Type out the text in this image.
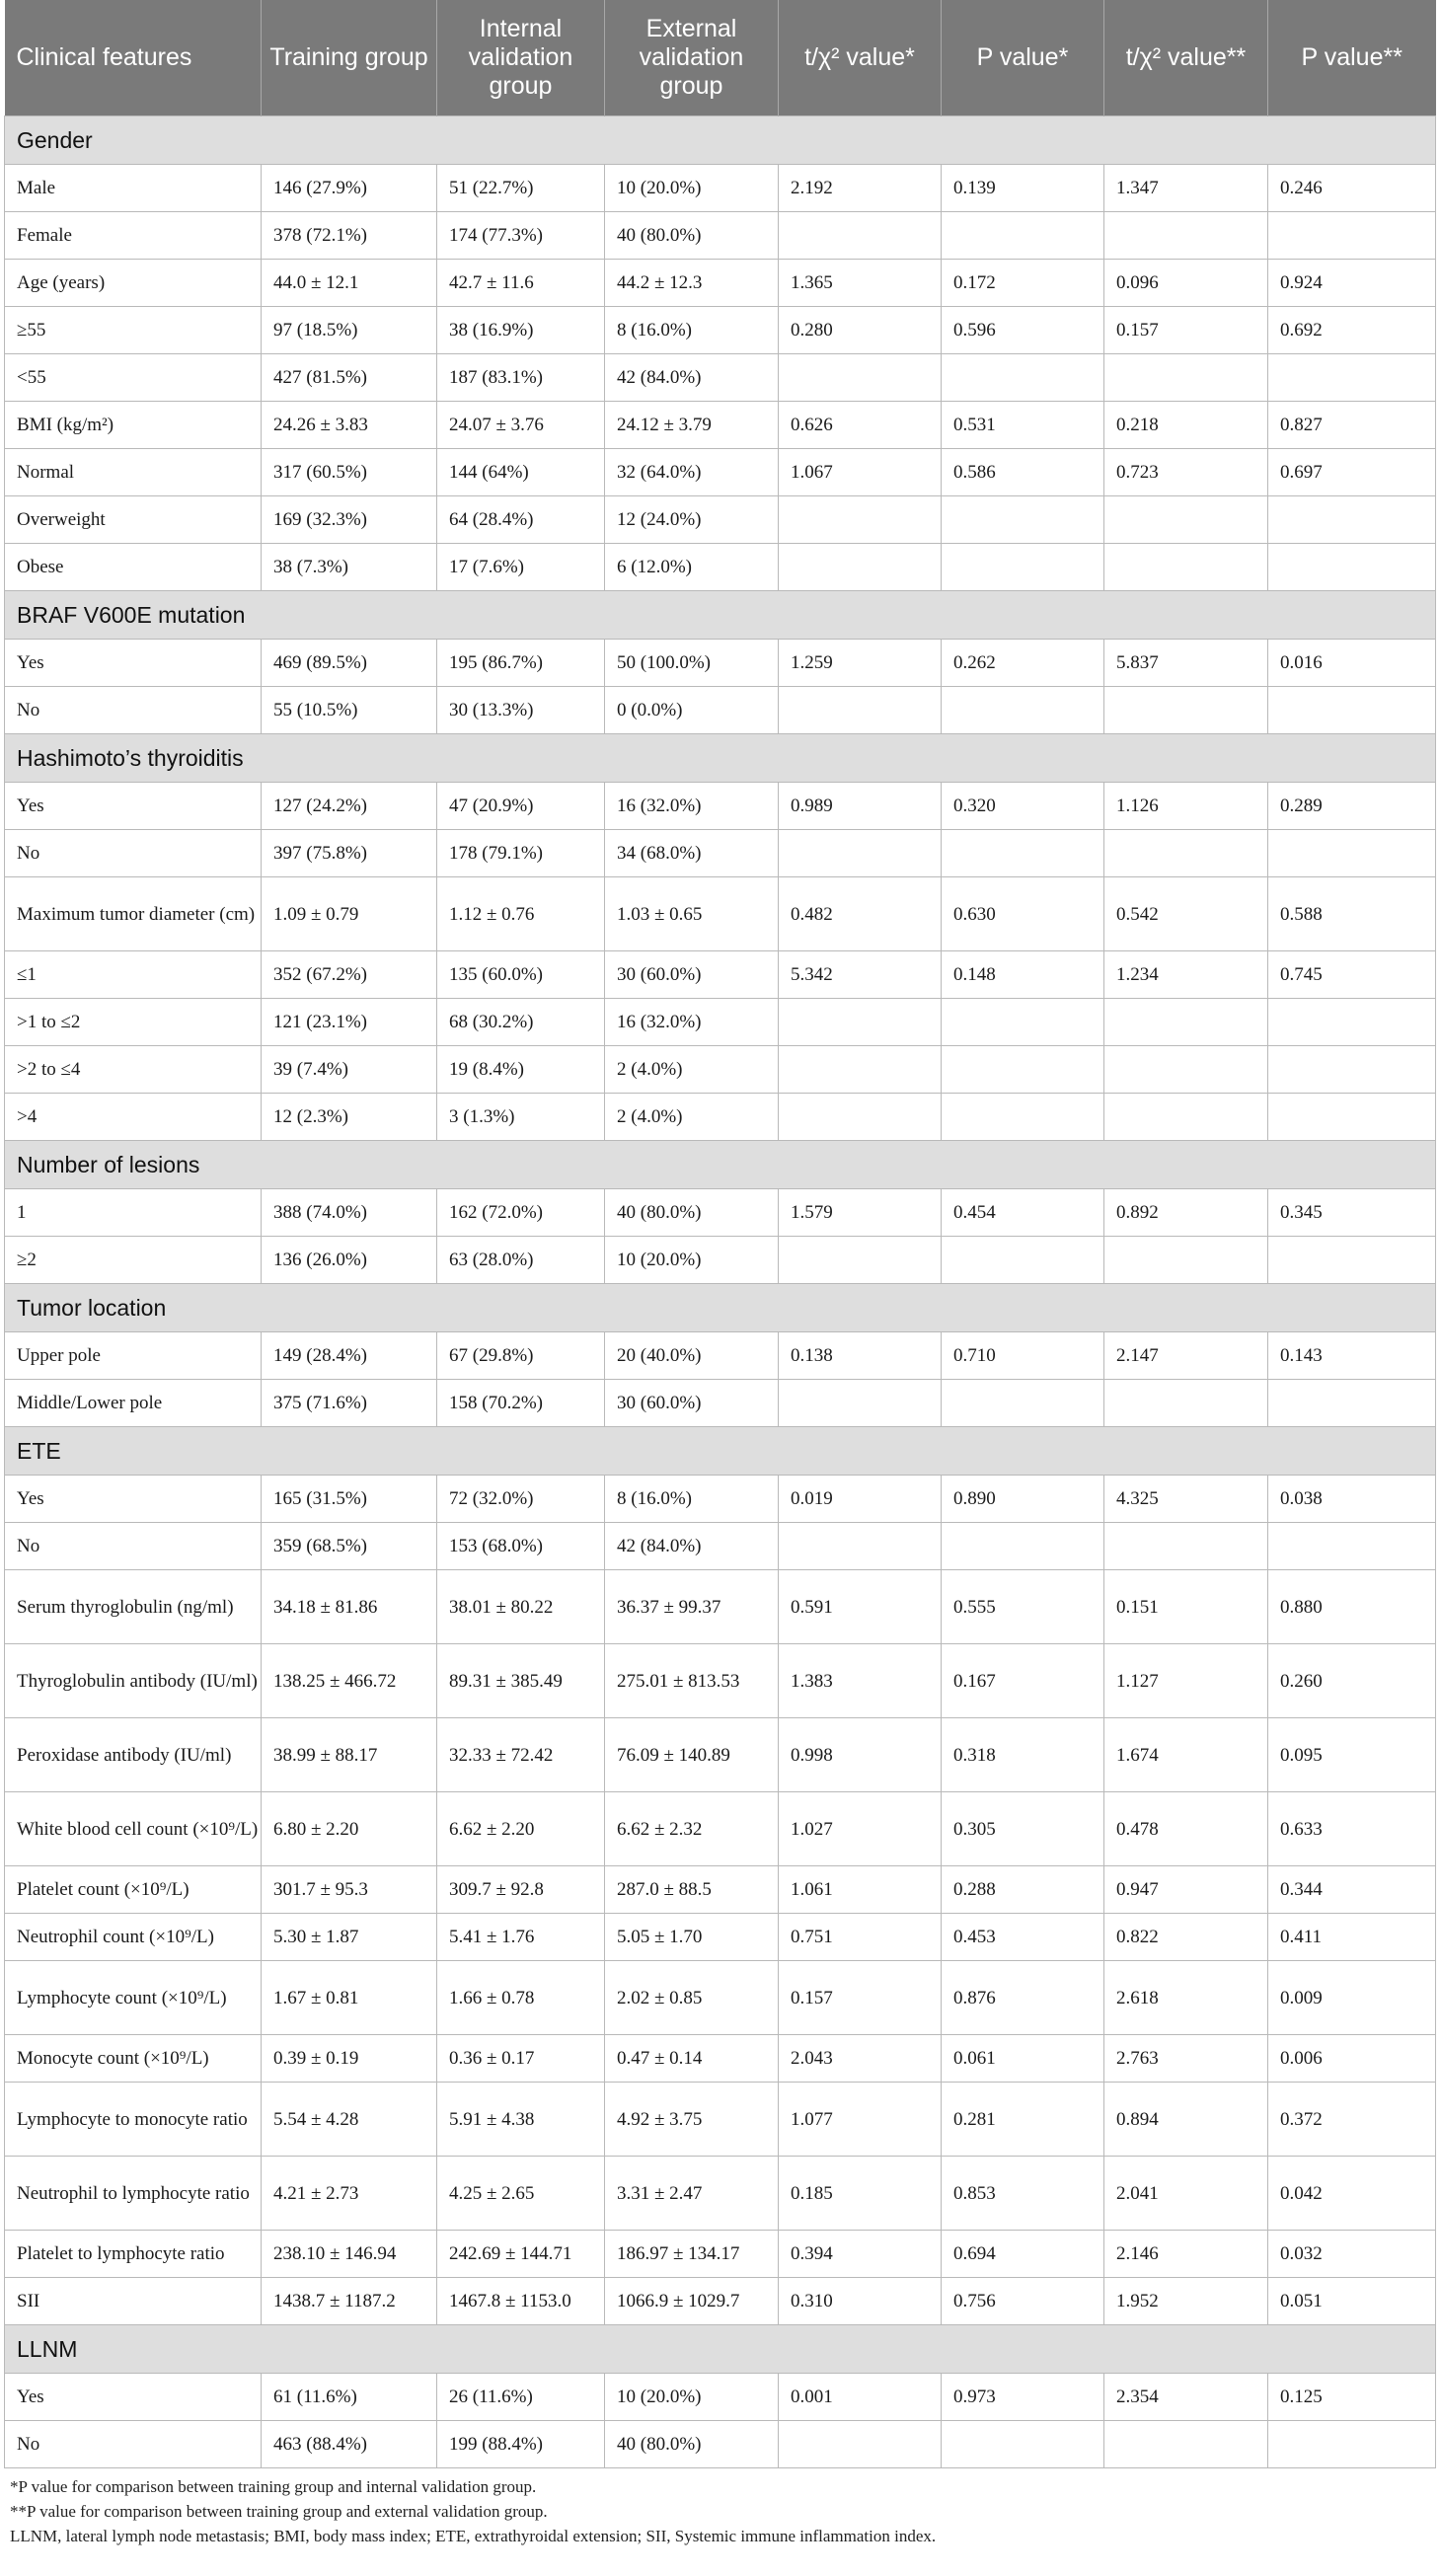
Clinical features	Training group	Internal validation group	External validation group	t/χ² value*	P value*	t/χ² value**	P value**
Gender							
Male	146 (27.9%)	51 (22.7%)	10 (20.0%)	2.192	0.139	1.347	0.246
Female	378 (72.1%)	174 (77.3%)	40 (80.0%)				
Age (years)	44.0 ± 12.1	42.7 ± 11.6	44.2 ± 12.3	1.365	0.172	0.096	0.924
≥55	97 (18.5%)	38 (16.9%)	8 (16.0%)	0.280	0.596	0.157	0.692
<55	427 (81.5%)	187 (83.1%)	42 (84.0%)				
BMI (kg/m²)	24.26 ± 3.83	24.07 ± 3.76	24.12 ± 3.79	0.626	0.531	0.218	0.827
Normal	317 (60.5%)	144 (64%)	32 (64.0%)	1.067	0.586	0.723	0.697
Overweight	169 (32.3%)	64 (28.4%)	12 (24.0%)				
Obese	38 (7.3%)	17 (7.6%)	6 (12.0%)				
BRAF V600E mutation							
Yes	469 (89.5%)	195 (86.7%)	50 (100.0%)	1.259	0.262	5.837	0.016
No	55 (10.5%)	30 (13.3%)	0 (0.0%)				
Hashimoto’s thyroiditis							
Yes	127 (24.2%)	47 (20.9%)	16 (32.0%)	0.989	0.320	1.126	0.289
No	397 (75.8%)	178 (79.1%)	34 (68.0%)				
Maximum tumor diameter (cm)	1.09 ± 0.79	1.12 ± 0.76	1.03 ± 0.65	0.482	0.630	0.542	0.588
≤1	352 (67.2%)	135 (60.0%)	30 (60.0%)	5.342	0.148	1.234	0.745
>1 to ≤2	121 (23.1%)	68 (30.2%)	16 (32.0%)				
>2 to ≤4	39 (7.4%)	19 (8.4%)	2 (4.0%)				
>4	12 (2.3%)	3 (1.3%)	2 (4.0%)				
Number of lesions							
1	388 (74.0%)	162 (72.0%)	40 (80.0%)	1.579	0.454	0.892	0.345
≥2	136 (26.0%)	63 (28.0%)	10 (20.0%)				
Tumor location							
Upper pole	149 (28.4%)	67 (29.8%)	20 (40.0%)	0.138	0.710	2.147	0.143
Middle/Lower pole	375 (71.6%)	158 (70.2%)	30 (60.0%)				
ETE							
Yes	165 (31.5%)	72 (32.0%)	8 (16.0%)	0.019	0.890	4.325	0.038
No	359 (68.5%)	153 (68.0%)	42 (84.0%)				
Serum thyroglobulin (ng/ml)	34.18 ± 81.86	38.01 ± 80.22	36.37 ± 99.37	0.591	0.555	0.151	0.880
Thyroglobulin antibody (IU/ml)	138.25 ± 466.72	89.31 ± 385.49	275.01 ± 813.53	1.383	0.167	1.127	0.260
Peroxidase antibody (IU/ml)	38.99 ± 88.17	32.33 ± 72.42	76.09 ± 140.89	0.998	0.318	1.674	0.095
White blood cell count (×10⁹/L)	6.80 ± 2.20	6.62 ± 2.20	6.62 ± 2.32	1.027	0.305	0.478	0.633
Platelet count (×10⁹/L)	301.7 ± 95.3	309.7 ± 92.8	287.0 ± 88.5	1.061	0.288	0.947	0.344
Neutrophil count (×10⁹/L)	5.30 ± 1.87	5.41 ± 1.76	5.05 ± 1.70	0.751	0.453	0.822	0.411
Lymphocyte count (×10⁹/L)	1.67 ± 0.81	1.66 ± 0.78	2.02 ± 0.85	0.157	0.876	2.618	0.009
Monocyte count (×10⁹/L)	0.39 ± 0.19	0.36 ± 0.17	0.47 ± 0.14	2.043	0.061	2.763	0.006
Lymphocyte to monocyte ratio	5.54 ± 4.28	5.91 ± 4.38	4.92 ± 3.75	1.077	0.281	0.894	0.372
Neutrophil to lymphocyte ratio	4.21 ± 2.73	4.25 ± 2.65	3.31 ± 2.47	0.185	0.853	2.041	0.042
Platelet to lymphocyte ratio	238.10 ± 146.94	242.69 ± 144.71	186.97 ± 134.17	0.394	0.694	2.146	0.032
SII	1438.7 ± 1187.2	1467.8 ± 1153.0	1066.9 ± 1029.7	0.310	0.756	1.952	0.051
LLNM							
Yes	61 (11.6%)	26 (11.6%)	10 (20.0%)	0.001	0.973	2.354	0.125
No	463 (88.4%)	199 (88.4%)	40 (80.0%)				
*P value for comparison between training group and internal validation group.
**P value for comparison between training group and external validation group.
LLNM, lateral lymph node metastasis; BMI, body mass index; ETE, extrathyroidal extension; SII, Systemic immune inflammation index.
